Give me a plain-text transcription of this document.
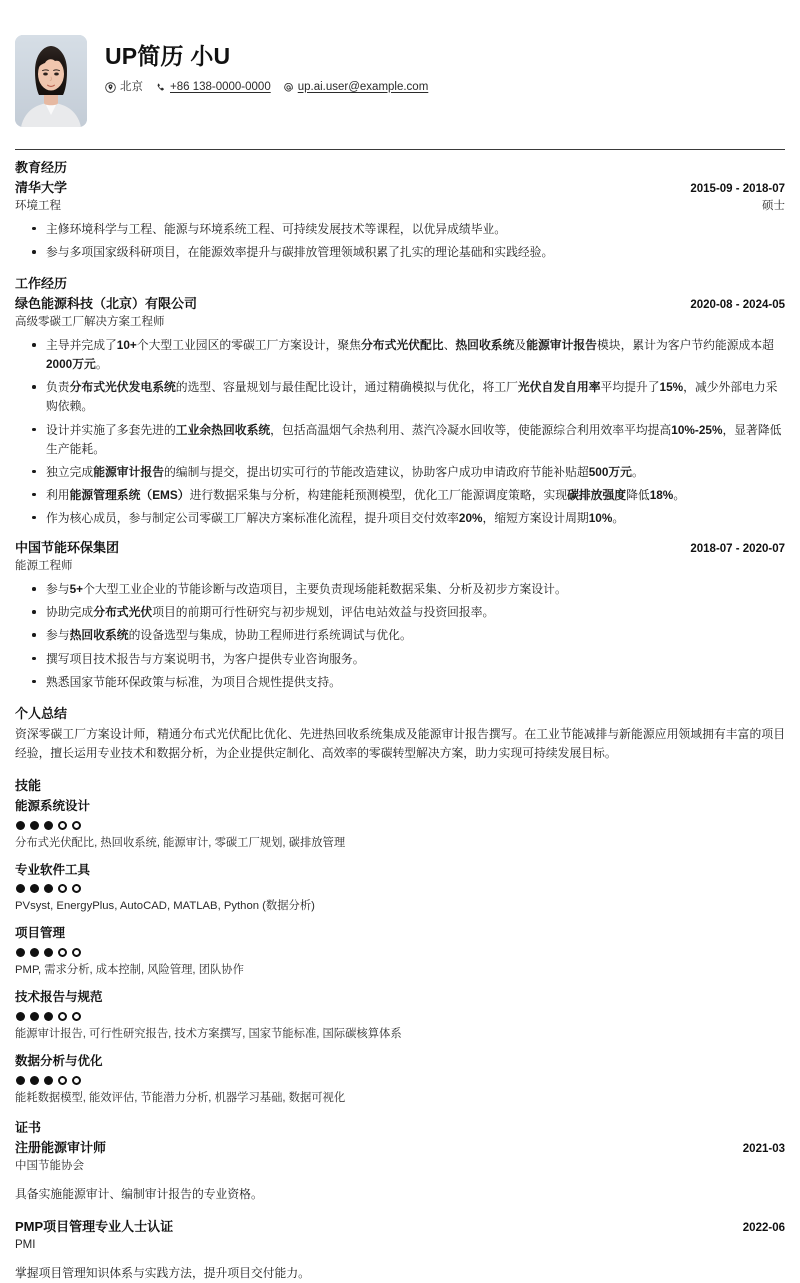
UP简历 小U
北京 +86 138-0000-0000 up.ai.user@example.com
教育经历
清华大学	2015-09 - 2018-07
环境工程	硕士
主修环境科学与工程、能源与环境系统工程、可持续发展技术等课程，以优异成绩毕业。
参与多项国家级科研项目，在能源效率提升与碳排放管理领域积累了扎实的理论基础和实践经验。
工作经历
绿色能源科技（北京）有限公司	2020-08 - 2024-05
高级零碳工厂解决方案工程师
主导并完成了10+个大型工业园区的零碳工厂方案设计，聚焦分布式光伏配比、热回收系统及能源审计报告模块，累计为客户节约能源成本超2000万元。
负责分布式光伏发电系统的选型、容量规划与最佳配比设计，通过精确模拟与优化，将工厂光伏自发自用率平均提升了15%，减少外部电力采购依赖。
设计并实施了多套先进的工业余热回收系统，包括高温烟气余热利用、蒸汽冷凝水回收等，使能源综合利用效率平均提高10%-25%，显著降低生产能耗。
独立完成能源审计报告的编制与提交，提出切实可行的节能改造建议，协助客户成功申请政府节能补贴超500万元。
利用能源管理系统（EMS）进行数据采集与分析，构建能耗预测模型，优化工厂能源调度策略，实现碳排放强度降低18%。
作为核心成员，参与制定公司零碳工厂解决方案标准化流程，提升项目交付效率20%，缩短方案设计周期10%。
中国节能环保集团	2018-07 - 2020-07
能源工程师
参与5+个大型工业企业的节能诊断与改造项目，主要负责现场能耗数据采集、分析及初步方案设计。
协助完成分布式光伏项目的前期可行性研究与初步规划，评估电站效益与投资回报率。
参与热回收系统的设备选型与集成，协助工程师进行系统调试与优化。
撰写项目技术报告与方案说明书，为客户提供专业咨询服务。
熟悉国家节能环保政策与标准，为项目合规性提供支持。
个人总结
资深零碳工厂方案设计师，精通分布式光伏配比优化、先进热回收系统集成及能源审计报告撰写。在工业节能减排与新能源应用领域拥有丰富的项目经验，擅长运用专业技术和数据分析，为企业提供定制化、高效率的零碳转型解决方案，助力实现可持续发展目标。
技能
能源系统设计
分布式光伏配比, 热回收系统, 能源审计, 零碳工厂规划, 碳排放管理
专业软件工具
PVsyst, EnergyPlus, AutoCAD, MATLAB, Python (数据分析)
项目管理
PMP, 需求分析, 成本控制, 风险管理, 团队协作
技术报告与规范
能源审计报告, 可行性研究报告, 技术方案撰写, 国家节能标准, 国际碳核算体系
数据分析与优化
能耗数据模型, 能效评估, 节能潜力分析, 机器学习基础, 数据可视化
证书
注册能源审计师	2021-03
中国节能协会
具备实施能源审计、编制审计报告的专业资格。
PMP项目管理专业人士认证	2022-06
PMI
掌握项目管理知识体系与实践方法，提升项目交付能力。
